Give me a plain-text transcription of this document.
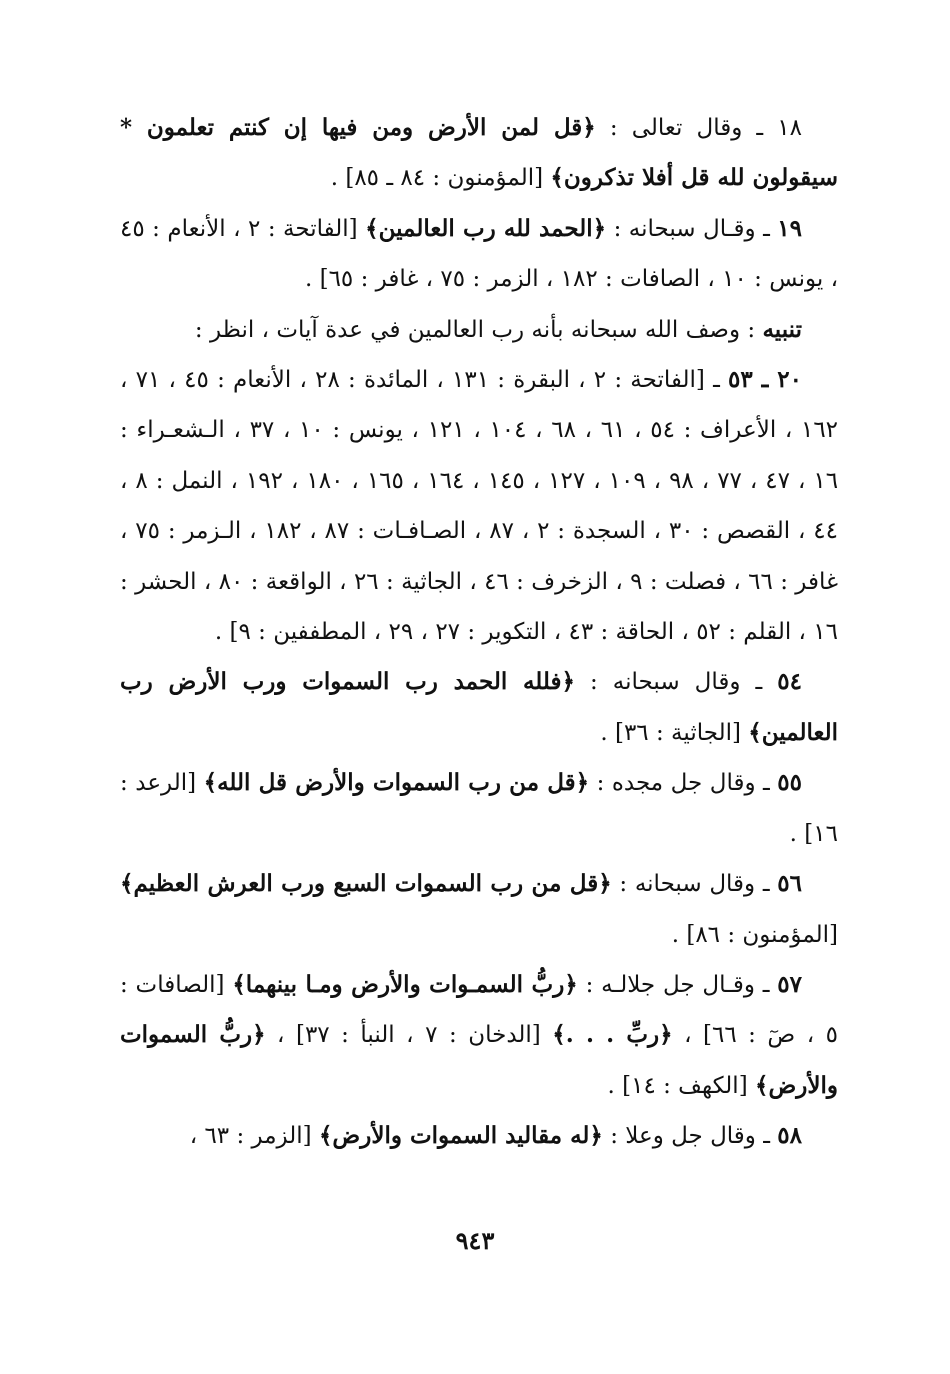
١٨ ـ وقال تعالى : ﴿قل لمن الأرض ومن فيها إن كنتم تعلمون * سيقولون لله قل أفلا تذكرون﴾ [المؤمنون : ٨٤ ـ ٨٥] .

١٩ ـ وقـال سبحانه : ﴿الحمد لله رب العالمين﴾ [الفاتحة : ٢ ، الأنعام : ٤٥ ، يونس : ١٠ ، الصافات : ١٨٢ ، الزمر : ٧٥ ، غافر : ٦٥] .

تنبيه : وصف الله سبحانه بأنه رب العالمين في عدة آيات ، انظر :

٢٠ ـ ٥٣ ـ [الفاتحة : ٢ ، البقرة : ١٣١ ، المائدة : ٢٨ ، الأنعام : ٤٥ ، ٧١ ، ١٦٢ ، الأعراف : ٥٤ ، ٦١ ، ٦٨ ، ١٠٤ ، ١٢١ ، يونس : ١٠ ، ٣٧ ، الـشعـراء : ١٦ ، ٤٧ ، ٧٧ ، ٩٨ ، ١٠٩ ، ١٢٧ ، ١٤٥ ، ١٦٤ ، ١٦٥ ، ١٨٠ ، ١٩٢ ، النمل : ٨ ، ٤٤ ، القصص : ٣٠ ، السجدة : ٢ ، ٨٧ ، الصـافـات : ٨٧ ، ١٨٢ ، الـزمر : ٧٥ ، غافر : ٦٦ ، فصلت : ٩ ، الزخرف : ٤٦ ، الجاثية : ٢٦ ، الواقعة : ٨٠ ، الحشر : ١٦ ، القلم : ٥٢ ، الحاقة : ٤٣ ، التكوير : ٢٧ ، ٢٩ ، المطففين : ٩] .

٥٤ ـ وقال سبحانه : ﴿فلله الحمد رب السموات ورب الأرض رب العالمين﴾ [الجاثية : ٣٦] .

٥٥ ـ وقال جل مجده : ﴿قل من رب السموات والأرض قل الله﴾ [الرعد : ١٦] .

٥٦ ـ وقال سبحانه : ﴿قل من رب السموات السبع ورب العرش العظيم﴾ [المؤمنون : ٨٦] .

٥٧ ـ وقـال جل جلالـه : ﴿ربُّ السمـوات والأرض ومـا بينهما﴾ [الصافات : ٥ ، صٓ : ٦٦] ، ﴿ربِّ . . .﴾ [الدخان : ٧ ، النبأ : ٣٧] ، ﴿ربُّ السموات والأرض﴾ [الكهف : ١٤] .

٥٨ ـ وقال جل وعلا : ﴿له مقاليد السموات والأرض﴾ [الزمر : ٦٣ ،

٩٤٣
